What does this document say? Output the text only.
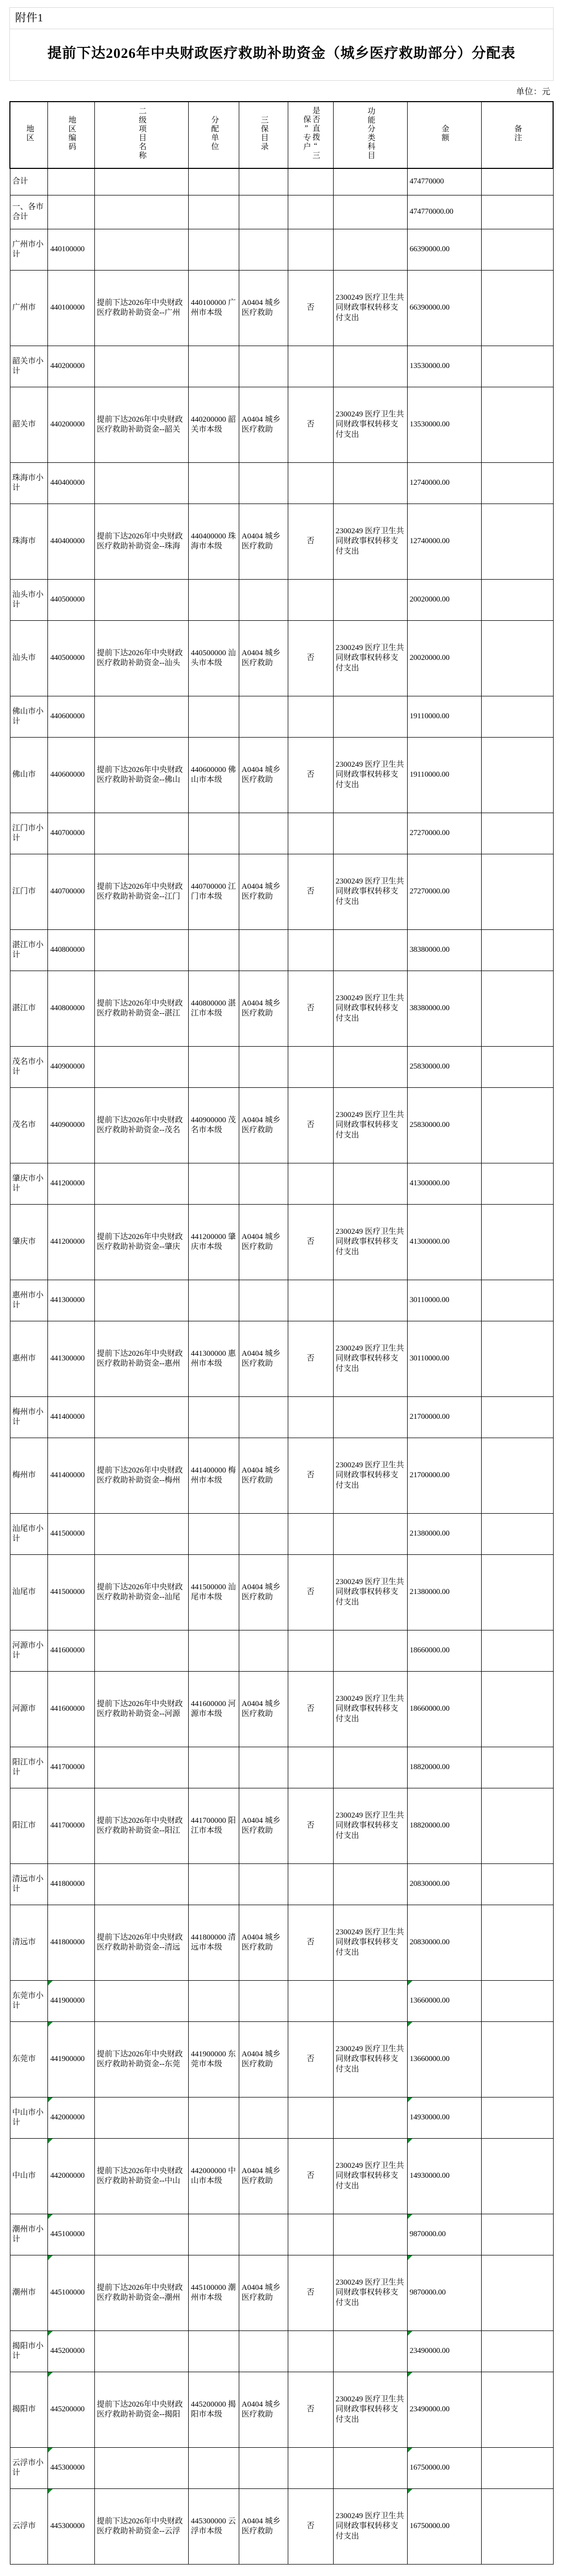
附件1
提前下达2026年中央财政医疗救助补助资金（城乡医疗救助部分）分配表
单位：元
地区	地区编码	二级项目名称	分配单位	三保目录	是否直拨“三保”专户	功能分类科目	金额	备注
合计							474770000	
一、各市合计							474770000.00	
广州市小计	440100000						66390000.00	
广州市	440100000	提前下达2026年中央财政医疗救助补助资金--广州	440100000 广州市本级	A0404 城乡医疗救助	否	2300249 医疗卫生共同财政事权转移支付支出	66390000.00	
韶关市小计	440200000						13530000.00	
韶关市	440200000	提前下达2026年中央财政医疗救助补助资金--韶关	440200000 韶关市本级	A0404 城乡医疗救助	否	2300249 医疗卫生共同财政事权转移支付支出	13530000.00	
珠海市小计	440400000						12740000.00	
珠海市	440400000	提前下达2026年中央财政医疗救助补助资金--珠海	440400000 珠海市本级	A0404 城乡医疗救助	否	2300249 医疗卫生共同财政事权转移支付支出	12740000.00	
汕头市小计	440500000						20020000.00	
汕头市	440500000	提前下达2026年中央财政医疗救助补助资金--汕头	440500000 汕头市本级	A0404 城乡医疗救助	否	2300249 医疗卫生共同财政事权转移支付支出	20020000.00	
佛山市小计	440600000						19110000.00	
佛山市	440600000	提前下达2026年中央财政医疗救助补助资金--佛山	440600000 佛山市本级	A0404 城乡医疗救助	否	2300249 医疗卫生共同财政事权转移支付支出	19110000.00	
江门市小计	440700000						27270000.00	
江门市	440700000	提前下达2026年中央财政医疗救助补助资金--江门	440700000 江门市本级	A0404 城乡医疗救助	否	2300249 医疗卫生共同财政事权转移支付支出	27270000.00	
湛江市小计	440800000						38380000.00	
湛江市	440800000	提前下达2026年中央财政医疗救助补助资金--湛江	440800000 湛江市本级	A0404 城乡医疗救助	否	2300249 医疗卫生共同财政事权转移支付支出	38380000.00	
茂名市小计	440900000						25830000.00	
茂名市	440900000	提前下达2026年中央财政医疗救助补助资金--茂名	440900000 茂名市本级	A0404 城乡医疗救助	否	2300249 医疗卫生共同财政事权转移支付支出	25830000.00	
肇庆市小计	441200000						41300000.00	
肇庆市	441200000	提前下达2026年中央财政医疗救助补助资金--肇庆	441200000 肇庆市本级	A0404 城乡医疗救助	否	2300249 医疗卫生共同财政事权转移支付支出	41300000.00	
惠州市小计	441300000						30110000.00	
惠州市	441300000	提前下达2026年中央财政医疗救助补助资金--惠州	441300000 惠州市本级	A0404 城乡医疗救助	否	2300249 医疗卫生共同财政事权转移支付支出	30110000.00	
梅州市小计	441400000						21700000.00	
梅州市	441400000	提前下达2026年中央财政医疗救助补助资金--梅州	441400000 梅州市本级	A0404 城乡医疗救助	否	2300249 医疗卫生共同财政事权转移支付支出	21700000.00	
汕尾市小计	441500000						21380000.00	
汕尾市	441500000	提前下达2026年中央财政医疗救助补助资金--汕尾	441500000 汕尾市本级	A0404 城乡医疗救助	否	2300249 医疗卫生共同财政事权转移支付支出	21380000.00	
河源市小计	441600000						18660000.00	
河源市	441600000	提前下达2026年中央财政医疗救助补助资金--河源	441600000 河源市本级	A0404 城乡医疗救助	否	2300249 医疗卫生共同财政事权转移支付支出	18660000.00	
阳江市小计	441700000						18820000.00	
阳江市	441700000	提前下达2026年中央财政医疗救助补助资金--阳江	441700000 阳江市本级	A0404 城乡医疗救助	否	2300249 医疗卫生共同财政事权转移支付支出	18820000.00	
清远市小计	441800000						20830000.00	
清远市	441800000	提前下达2026年中央财政医疗救助补助资金--清远	441800000 清远市本级	A0404 城乡医疗救助	否	2300249 医疗卫生共同财政事权转移支付支出	20830000.00	
东莞市小计	441900000						13660000.00	
东莞市	441900000	提前下达2026年中央财政医疗救助补助资金--东莞	441900000 东莞市本级	A0404 城乡医疗救助	否	2300249 医疗卫生共同财政事权转移支付支出	13660000.00	
中山市小计	442000000						14930000.00	
中山市	442000000	提前下达2026年中央财政医疗救助补助资金--中山	442000000 中山市本级	A0404 城乡医疗救助	否	2300249 医疗卫生共同财政事权转移支付支出	14930000.00	
潮州市小计	445100000						9870000.00	
潮州市	445100000	提前下达2026年中央财政医疗救助补助资金--潮州	445100000 潮州市本级	A0404 城乡医疗救助	否	2300249 医疗卫生共同财政事权转移支付支出	9870000.00	
揭阳市小计	445200000						23490000.00	
揭阳市	445200000	提前下达2026年中央财政医疗救助补助资金--揭阳	445200000 揭阳市本级	A0404 城乡医疗救助	否	2300249 医疗卫生共同财政事权转移支付支出	23490000.00	
云浮市小计	445300000						16750000.00	
云浮市	445300000	提前下达2026年中央财政医疗救助补助资金--云浮	445300000 云浮市本级	A0404 城乡医疗救助	否	2300249 医疗卫生共同财政事权转移支付支出	16750000.00	
